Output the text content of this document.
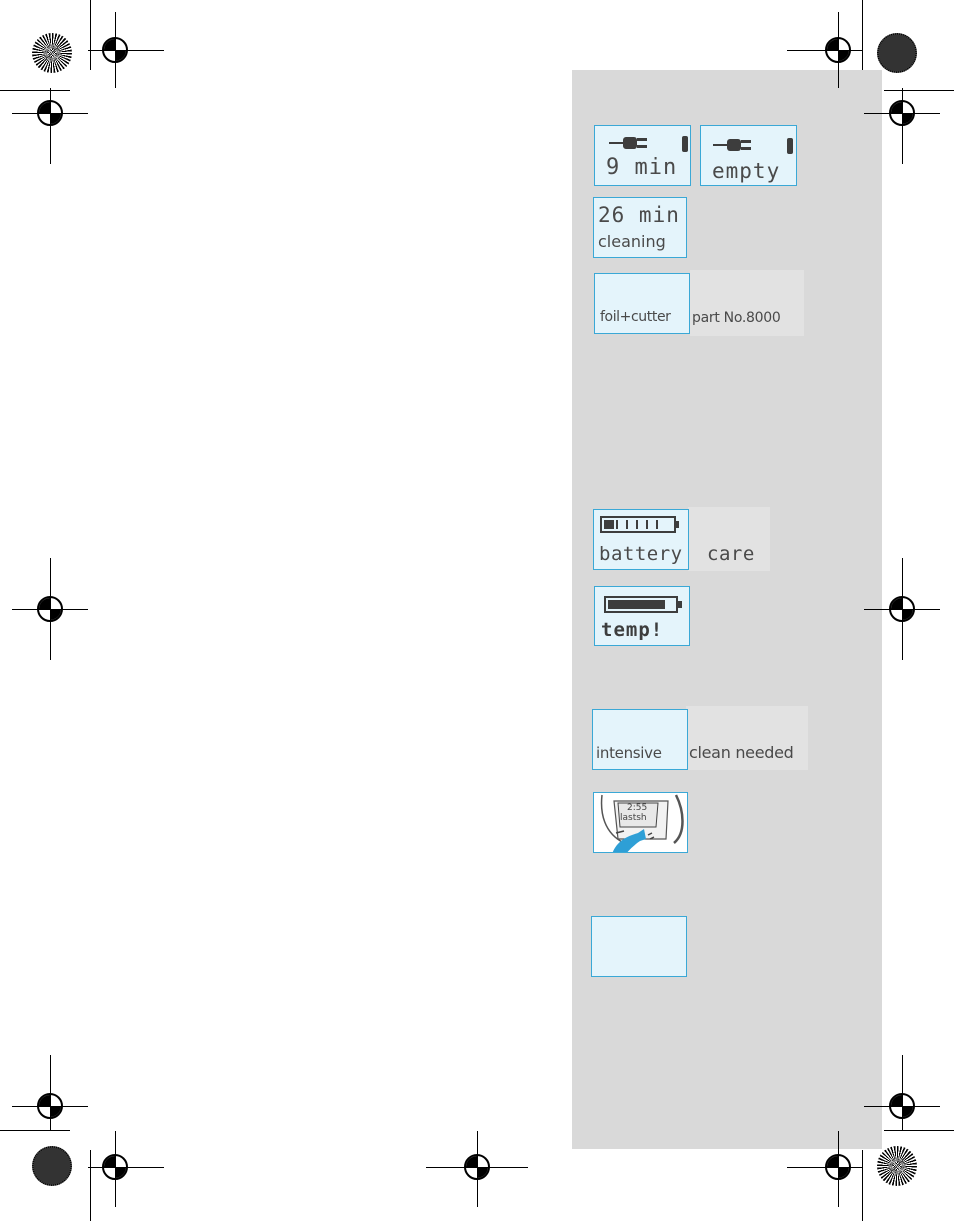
9 min empty
26 min
cleaning
foil+cutter part No.8000
battery care
temp!
intensive clean needed
2:55
lastsh
